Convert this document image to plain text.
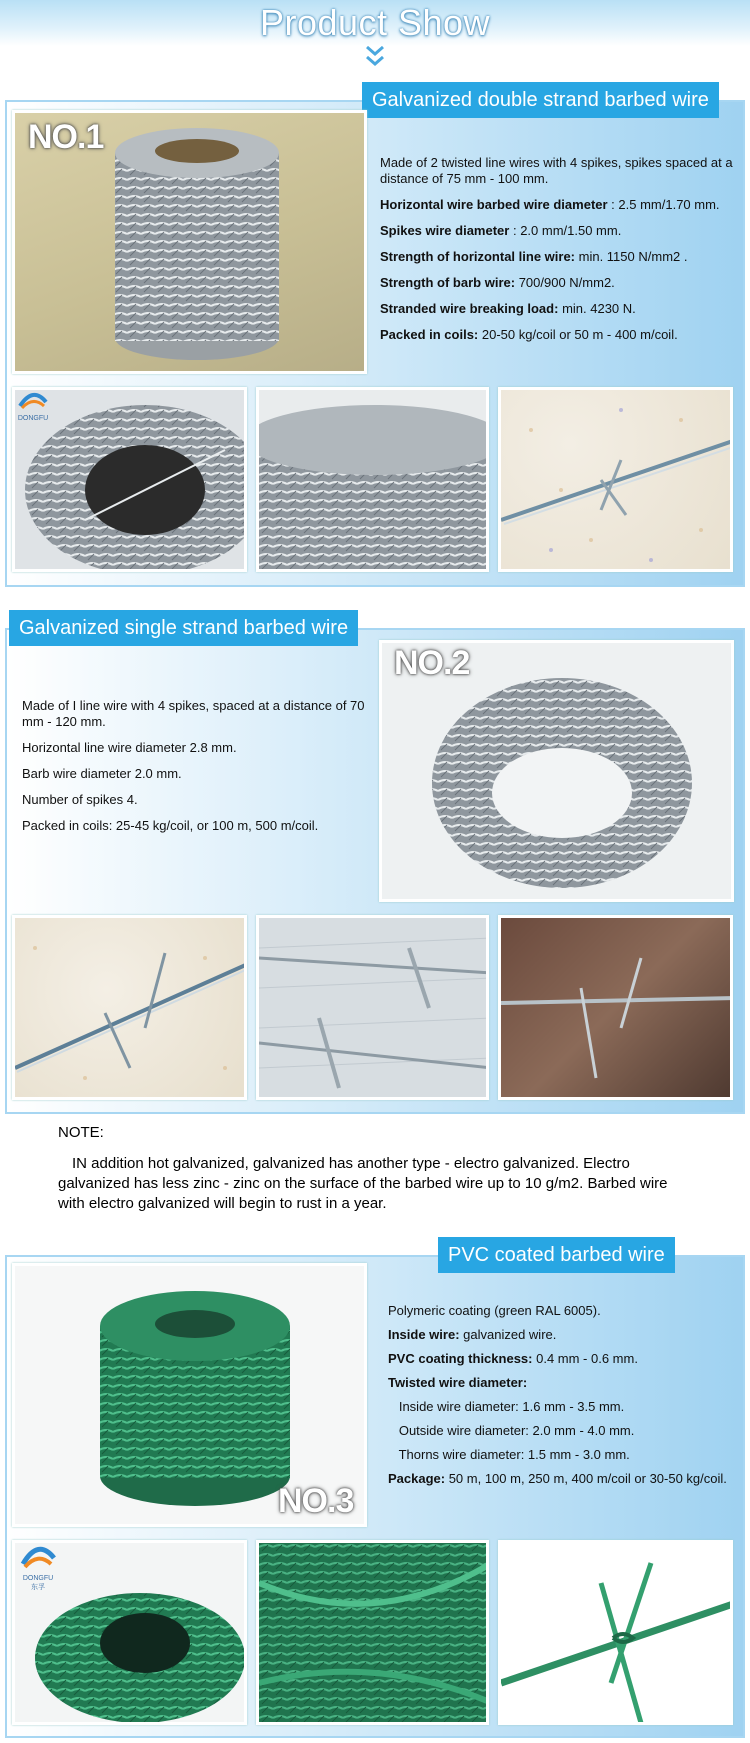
Product Show
Galvanized double strand barbed wire
NO.1
Made of 2 twisted line wires with 4 spikes, spikes spaced at a distance of 75 mm - 100 mm.
Horizontal wire barbed wire diameter : 2.5 mm/1.70 mm.
Spikes wire diameter : 2.0 mm/1.50 mm.
Strength of horizontal line wire: min. 1150 N/mm2 .
Strength of barb wire: 700/900 N/mm2.
Stranded wire breaking load: min. 4230 N.
Packed in coils: 20-50 kg/coil or 50 m - 400 m/coil.
DONGFU
Galvanized single strand barbed wire
Made of I line wire with 4 spikes, spaced at a distance of 70 mm - 120 mm.
Horizontal line wire diameter 2.8 mm.
Barb wire diameter 2.0 mm.
Number of spikes 4.
Packed in coils: 25-45 kg/coil, or 100 m, 500 m/coil.
NO.2
NOTE:
IN addition hot galvanized, galvanized has another type - electro galvanized. Electro galvanized has less zinc - zinc on the surface of the barbed wire up to 10 g/m2. Barbed wire with electro galvanized will begin to rust in a year.
PVC coated barbed wire
NO.3
Polymeric coating (green RAL 6005).
Inside wire: galvanized wire.
PVC coating thickness: 0.4 mm - 0.6 mm.
Twisted wire diameter:
Inside wire diameter: 1.6 mm - 3.5 mm.
Outside wire diameter: 2.0 mm - 4.0 mm.
Thorns wire diameter: 1.5 mm - 3.0 mm.
Package: 50 m, 100 m, 250 m, 400 m/coil or 30-50 kg/coil.
DONGFU
东孚
